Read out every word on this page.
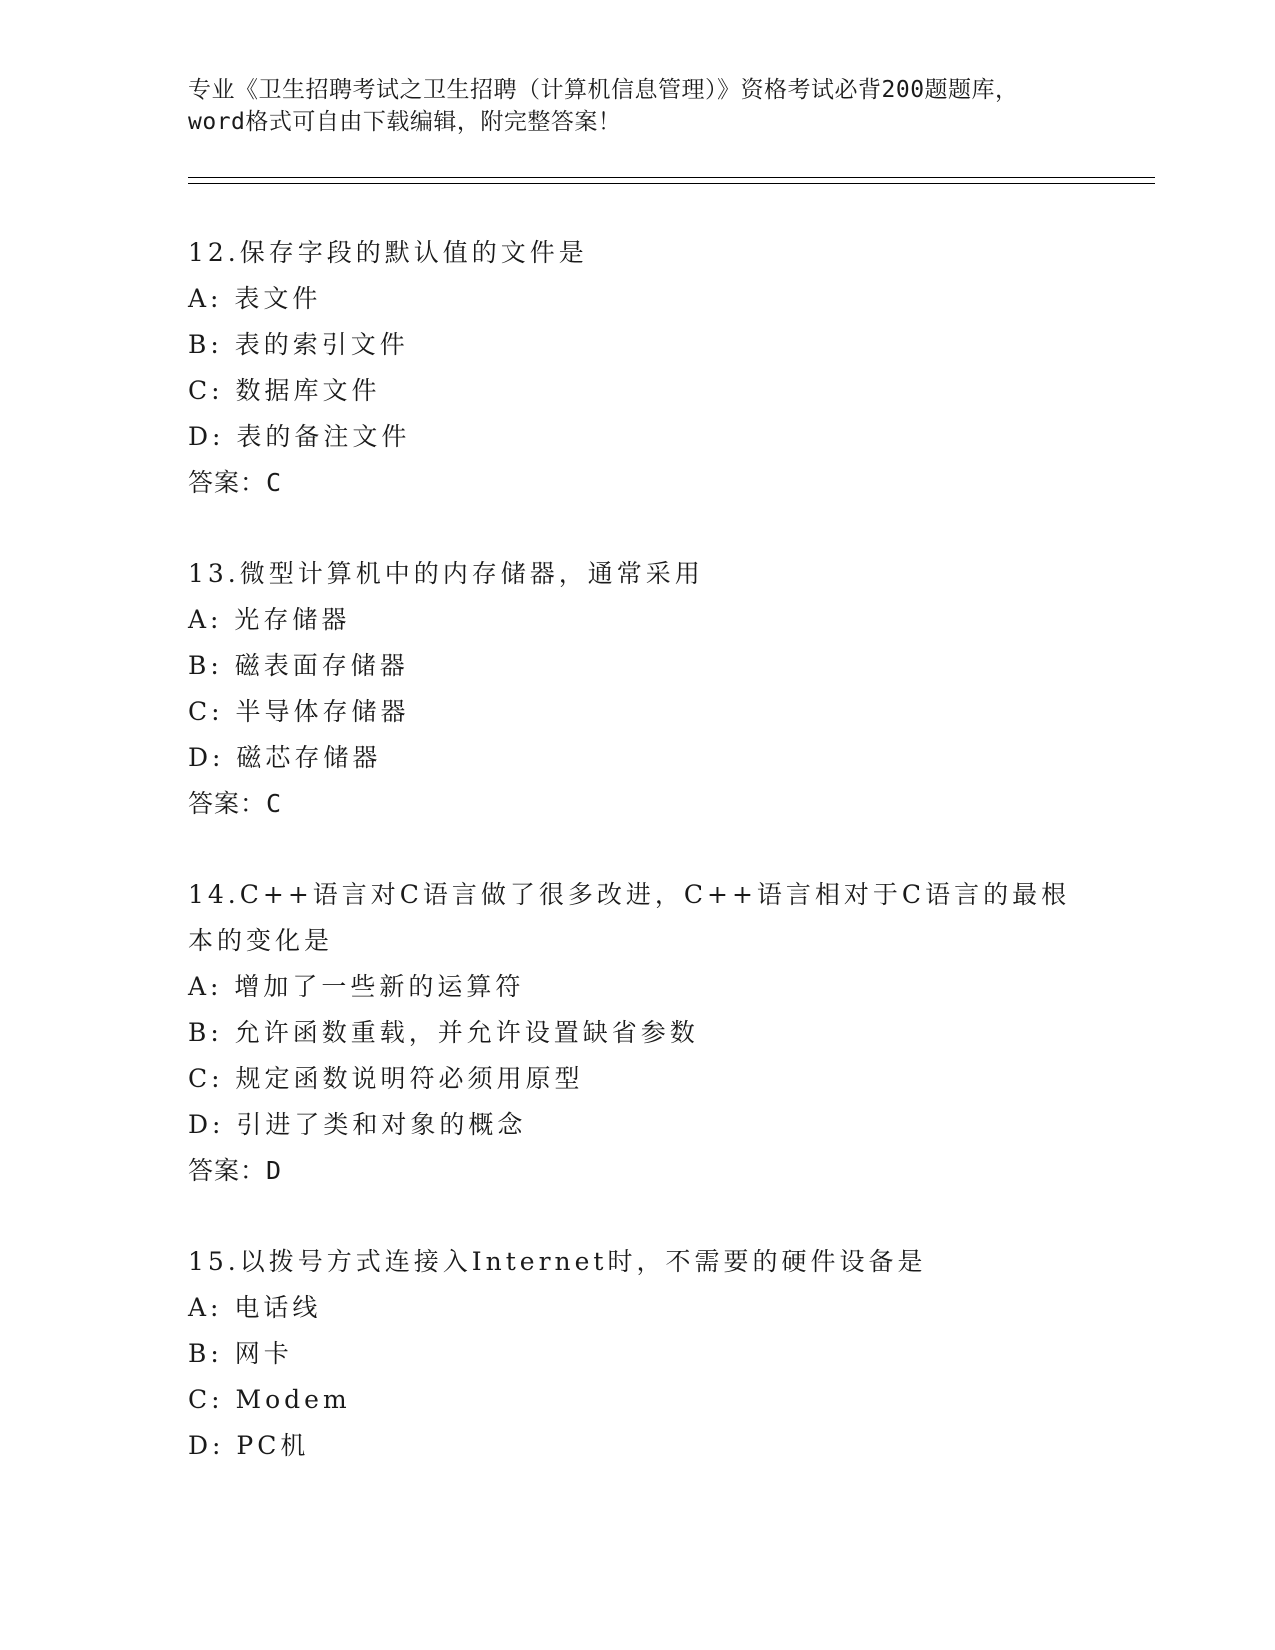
专业《卫生招聘考试之卫生招聘（计算机信息管理）》资格考试必背200题题库，
word格式可自由下载编辑，附完整答案！

12.保存字段的默认值的文件是

A: 表文件

B: 表的索引文件

C: 数据库文件

D: 表的备注文件

答案：C

13.微型计算机中的内存储器，通常采用

A: 光存储器

B: 磁表面存储器

C: 半导体存储器

D: 磁芯存储器

答案：C

14.C++语言对C语言做了很多改进，C++语言相对于C语言的最根本的变化是

A: 增加了一些新的运算符

B: 允许函数重载，并允许设置缺省参数

C: 规定函数说明符必须用原型

D: 引进了类和对象的概念

答案：D

15.以拨号方式连接入Internet时，不需要的硬件设备是

A: 电话线

B: 网卡

C: Modem

D: PC机
